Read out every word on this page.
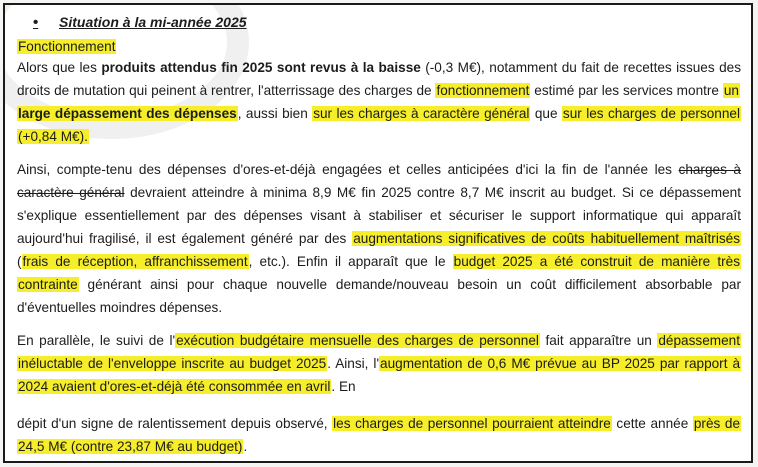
•	Situation à la mi-année 2025
Fonctionnement

Alors que les produits attendus fin 2025 sont revus à la baisse (-0,3 M€), notamment du fait de recettes issues des droits de mutation qui peinent à rentrer, l'atterrissage des charges de fonctionnement estimé par les services montre un large dépassement des dépenses, aussi bien sur les charges à caractère général que sur les charges de personnel (+0,84 M€).

Ainsi, compte-tenu des dépenses d'ores-et-déjà engagées et celles anticipées d'ici la fin de l'année les charges à caractère général devraient atteindre à minima 8,9 M€ fin 2025 contre 8,7 M€ inscrit au budget. Si ce dépassement s'explique essentiellement par des dépenses visant à stabiliser et sécuriser le support informatique qui apparaît aujourd'hui fragilisé, il est également généré par des augmentations significatives de coûts habituellement maîtrisés (frais de réception, affranchissement, etc.). Enfin il apparaît que le budget 2025 a été construit de manière très contrainte générant ainsi pour chaque nouvelle demande/nouveau besoin un coût difficilement absorbable par d'éventuelles moindres dépenses.

En parallèle, le suivi de l'exécution budgétaire mensuelle des charges de personnel fait apparaître un dépassement inéluctable de l'enveloppe inscrite au budget 2025. Ainsi, l'augmentation de 0,6 M€ prévue au BP 2025 par rapport à 2024 avaient d'ores-et-déjà été consommée en avril. En

dépit d'un signe de ralentissement depuis observé, les charges de personnel pourraient atteindre cette année près de 24,5 M€ (contre 23,87 M€ au budget).
